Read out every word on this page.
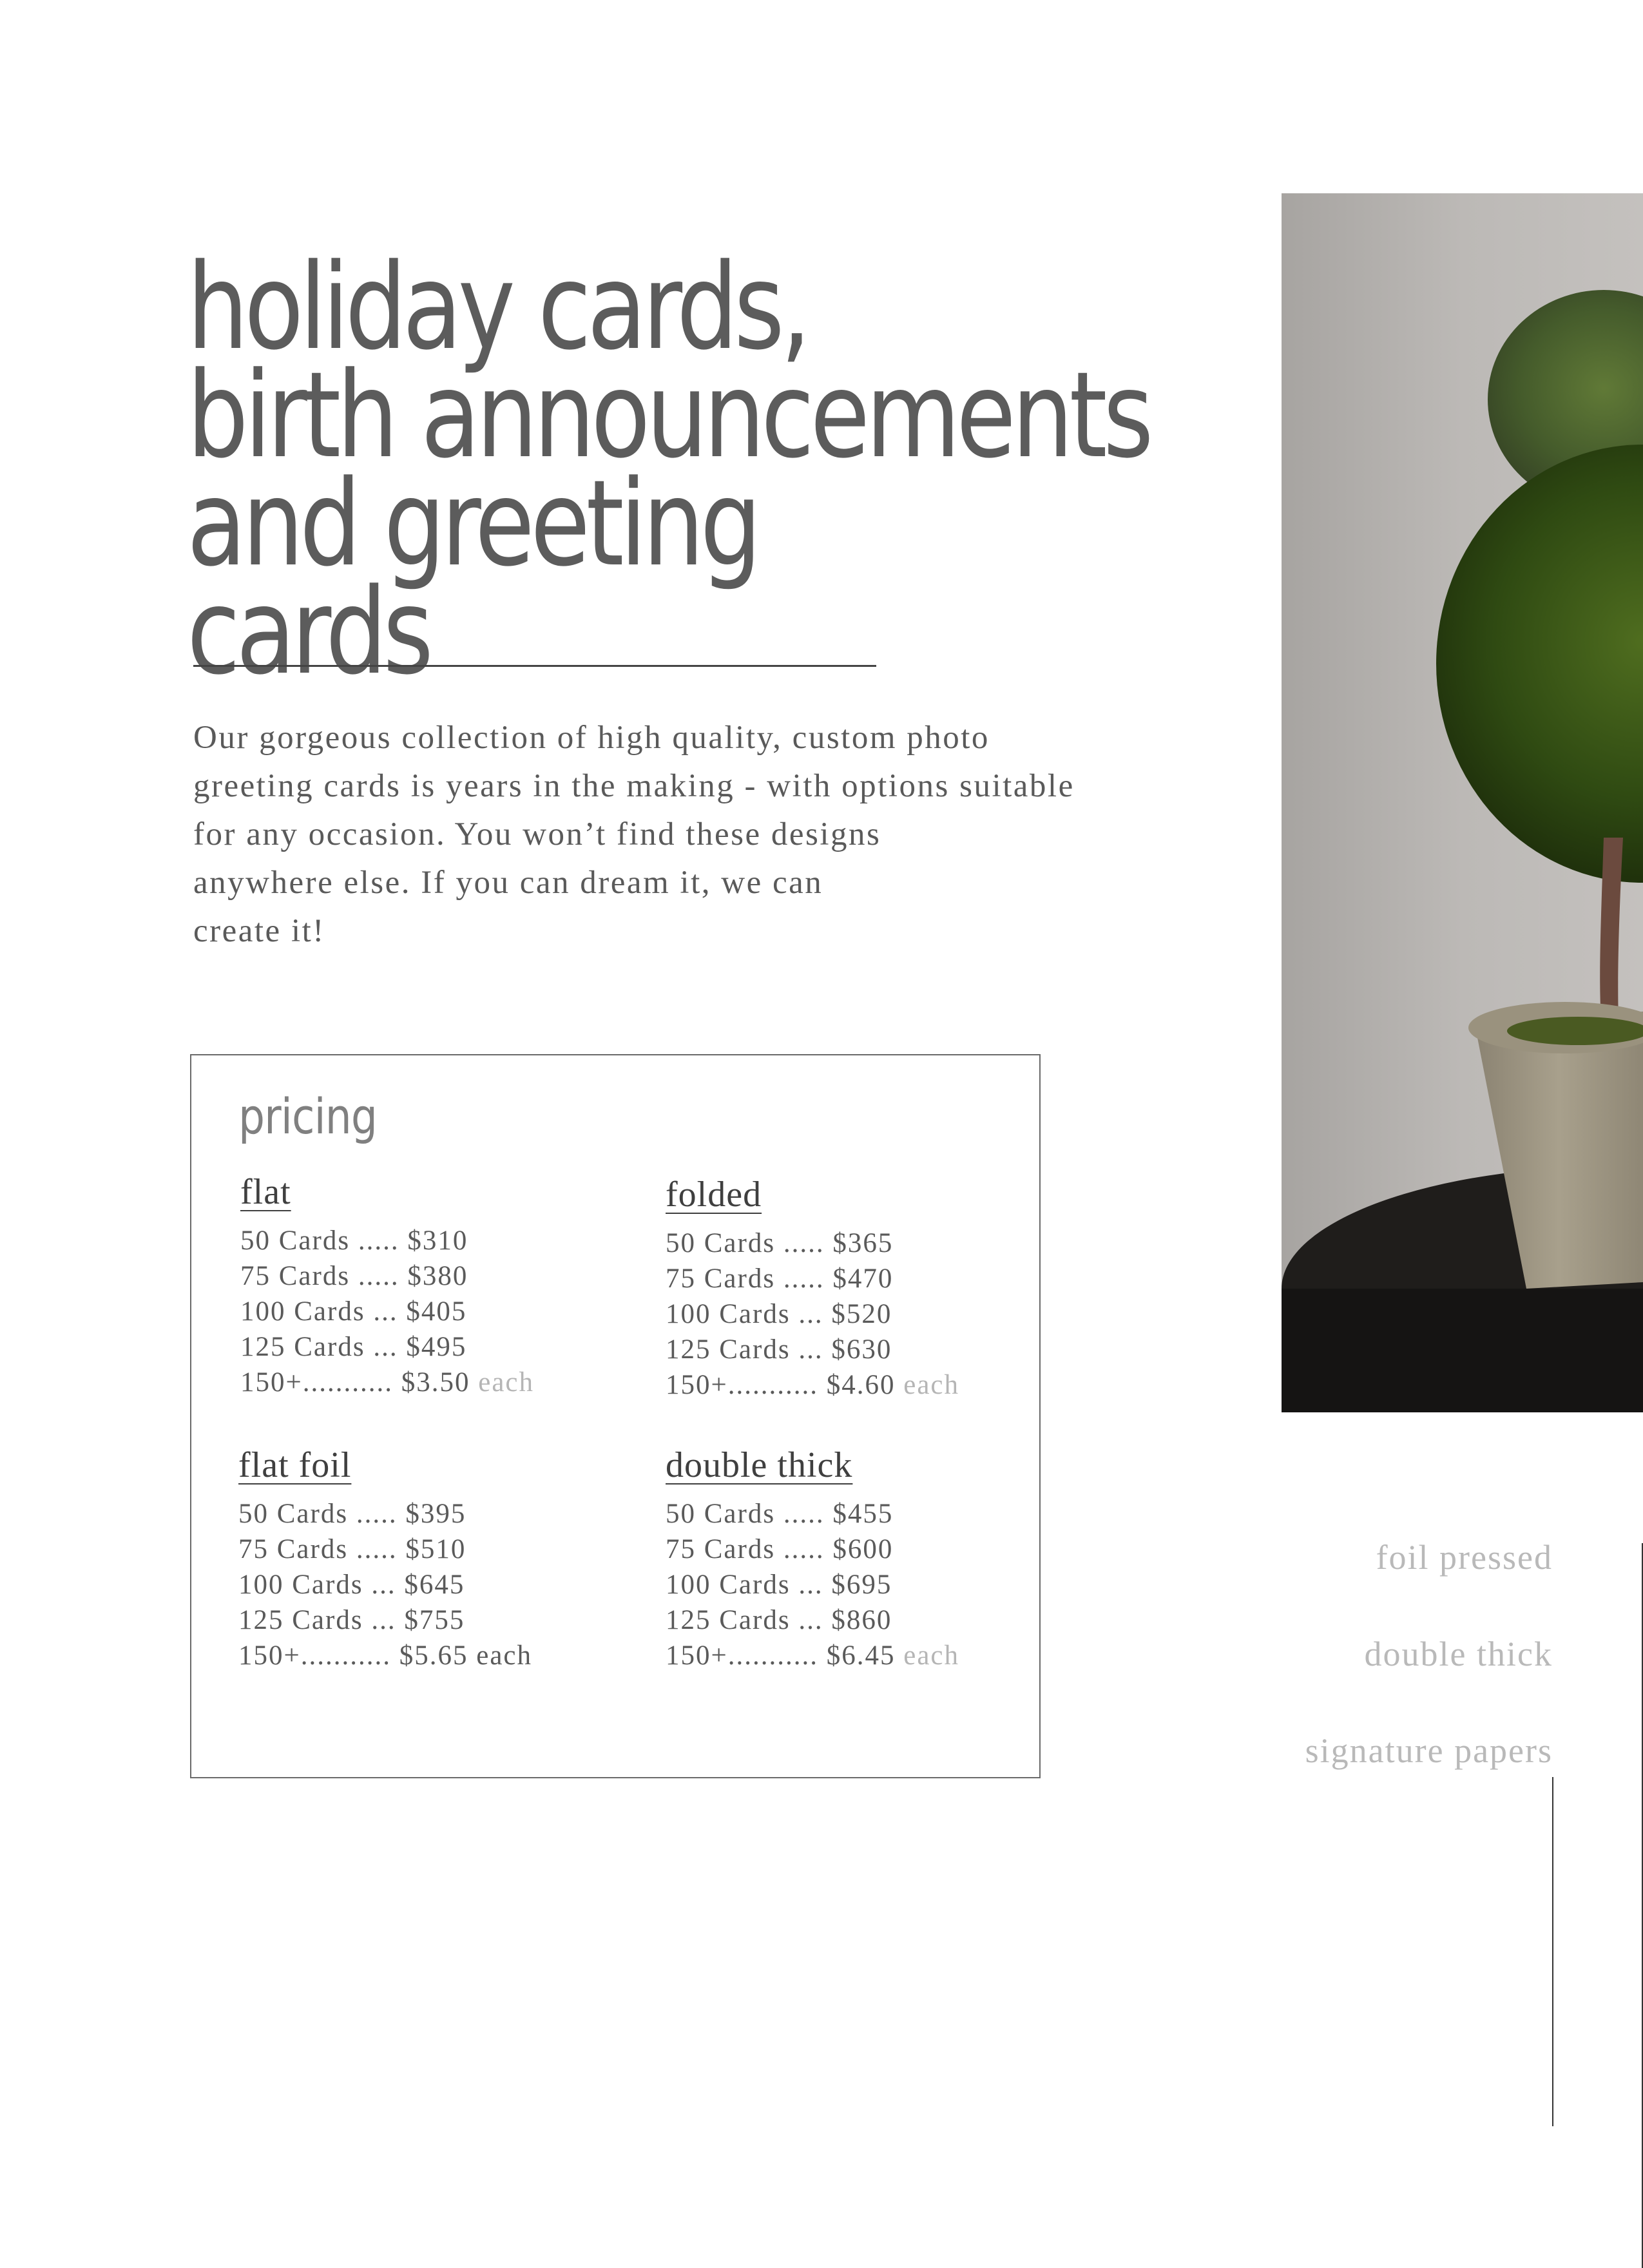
holiday cards,
birth announcements
and greeting
cards

Our gorgeous collection of high quality, custom photo
greeting cards is years in the making - with options suitable
for any occasion. You won’t find these designs
anywhere else. If you can dream it, we can
create it!

pricing
flat
50 Cards ..... $310
75 Cards ..... $380
100 Cards ... $405
125 Cards ... $495
150+........... $3.50 each
folded
50 Cards ..... $365
75 Cards ..... $470
100 Cards ... $520
125 Cards ... $630
150+........... $4.60 each
flat foil
50 Cards ..... $395
75 Cards ..... $510
100 Cards ... $645
125 Cards ... $755
150+........... $5.65 each
double thick
50 Cards ..... $455
75 Cards ..... $600
100 Cards ... $695
125 Cards ... $860
150+........... $6.45 each
foil pressed
double thick
signature papers
